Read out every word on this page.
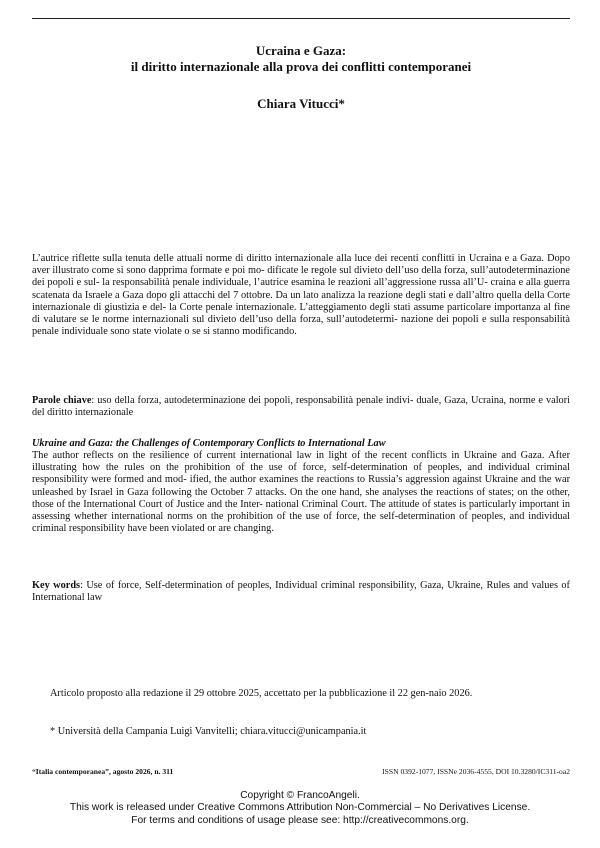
Ucraina e Gaza:
il diritto internazionale alla prova dei conflitti contemporanei
Chiara Vitucci*

L’autrice riflette sulla tenuta delle attuali norme di diritto internazionale alla luce dei recenti conflitti in Ucraina e a Gaza. Dopo aver illustrato come si sono dapprima formate e poi mo- dificate le regole sul divieto dell’uso della forza, sull’autodeterminazione dei popoli e sul- la responsabilità penale individuale, l’autrice esamina le reazioni all’aggressione russa all’U- craina e alla guerra scatenata da Israele a Gaza dopo gli attacchi del 7 ottobre. Da un lato analizza la reazione degli stati e dall’altro quella della Corte internazionale di giustizia e del- la Corte penale internazionale. L’atteggiamento degli stati assume particolare importanza al fine di valutare se le norme internazionali sul divieto dell’uso della forza, sull’autodetermi- nazione dei popoli e sulla responsabilità penale individuale sono state violate o se si stanno modificando.

Parole chiave: uso della forza, autodeterminazione dei popoli, responsabilità penale indivi- duale, Gaza, Ucraina, norme e valori del diritto internazionale

Ukraine and Gaza: the Challenges of Contemporary Conflicts to International Law

The author reflects on the resilience of current international law in light of the recent conflicts in Ukraine and Gaza. After illustrating how the rules on the prohibition of the use of force, self-determination of peoples, and individual criminal responsibility were formed and mod- ified, the author examines the reactions to Russia’s aggression against Ukraine and the war unleashed by Israel in Gaza following the October 7 attacks. On the one hand, she analyses the reactions of states; on the other, those of the International Court of Justice and the Inter- national Criminal Court. The attitude of states is particularly important in assessing whether international norms on the prohibition of the use of force, the self-determination of peoples, and individual criminal responsibility have been violated or are changing.

Key words: Use of force, Self-determination of peoples, Individual criminal responsibility, Gaza, Ukraine, Rules and values of International law

Articolo proposto alla redazione il 29 ottobre 2025, accettato per la pubblicazione il 22 gen-naio 2026.
* Università della Campania Luigi Vanvitelli; chiara.vitucci@unicampania.it
“Italia contemporanea”, agosto 2026, n. 311	ISSN 0392-1077, ISSNe 2036-4555, DOI 10.3280/IC311-oa2
Copyright © FrancoAngeli.
This work is released under Creative Commons Attribution Non-Commercial – No Derivatives License.
For terms and conditions of usage please see: http://creativecommons.org.
